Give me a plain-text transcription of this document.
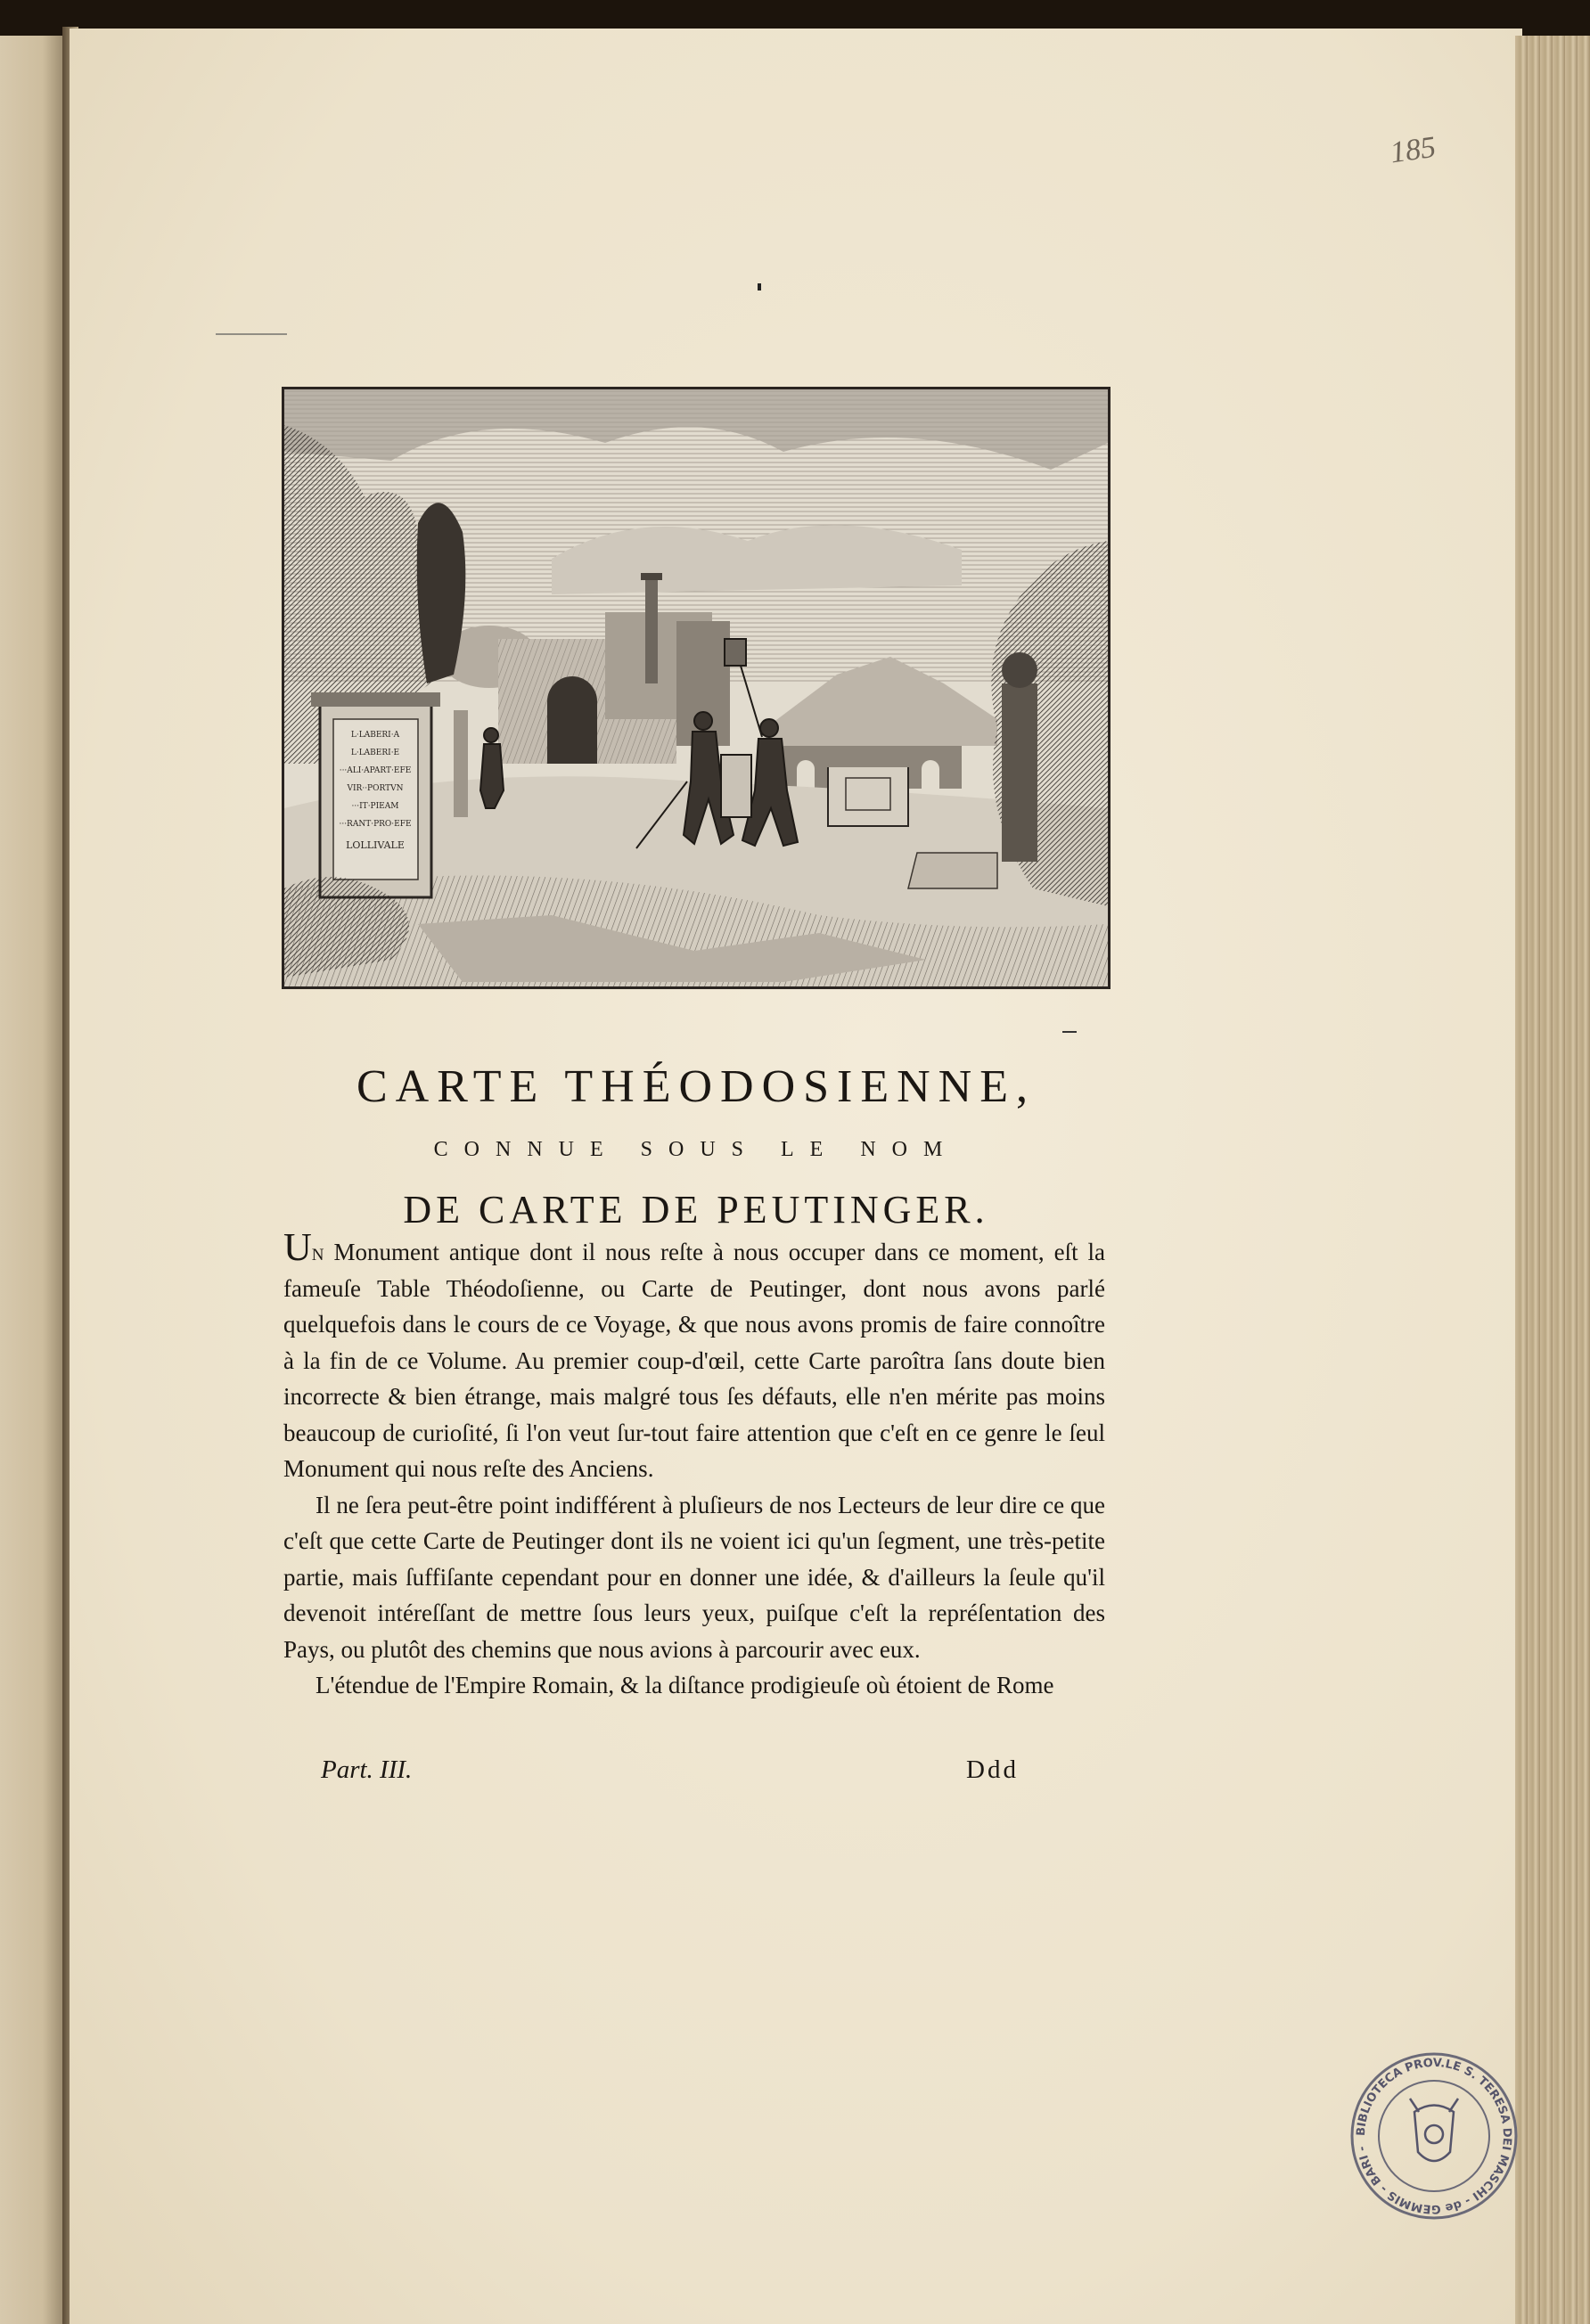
185
L·LABERI·A
L·LABERI·E
···ALI·APART·EFE
VIR··PORTVN
···IT·PIEAM
···RANT·PRO·EFE
LOLLIVALE
CARTE THÉODOSIENNE,
CONNUE SOUS LE NOM
DE CARTE DE PEUTINGER.

Un Monument antique dont il nous reſte à nous occuper dans ce moment, eſt la fameuſe Table Théodoſienne, ou Carte de Peutinger, dont nous avons parlé quelquefois dans le cours de ce Voyage, & que nous avons promis de faire connoître à la fin de ce Volume. Au premier coup-d'œil, cette Carte paroîtra ſans doute bien incorrecte & bien étrange, mais malgré tous ſes défauts, elle n'en mérite pas moins beaucoup de curioſité, ſi l'on veut ſur-tout faire attention que c'eſt en ce genre le ſeul Monument qui nous reſte des Anciens.

Il ne ſera peut-être point indifférent à pluſieurs de nos Lecteurs de leur dire ce que c'eſt que cette Carte de Peutinger dont ils ne voient ici qu'un ſegment, une très-petite partie, mais ſuffiſante cependant pour en donner une idée, & d'ailleurs la ſeule qu'il devenoit intéreſſant de mettre ſous leurs yeux, puiſque c'eſt la repréſentation des Pays, ou plutôt des chemins que nous avions à parcourir avec eux.

L'étendue de l'Empire Romain, & la diſtance prodigieuſe où étoient de Rome

Part. III.	Ddd
BIBLIOTECA PROV.LE S. TERESA DEI MASCHI - de GEMMIS - BARI -
